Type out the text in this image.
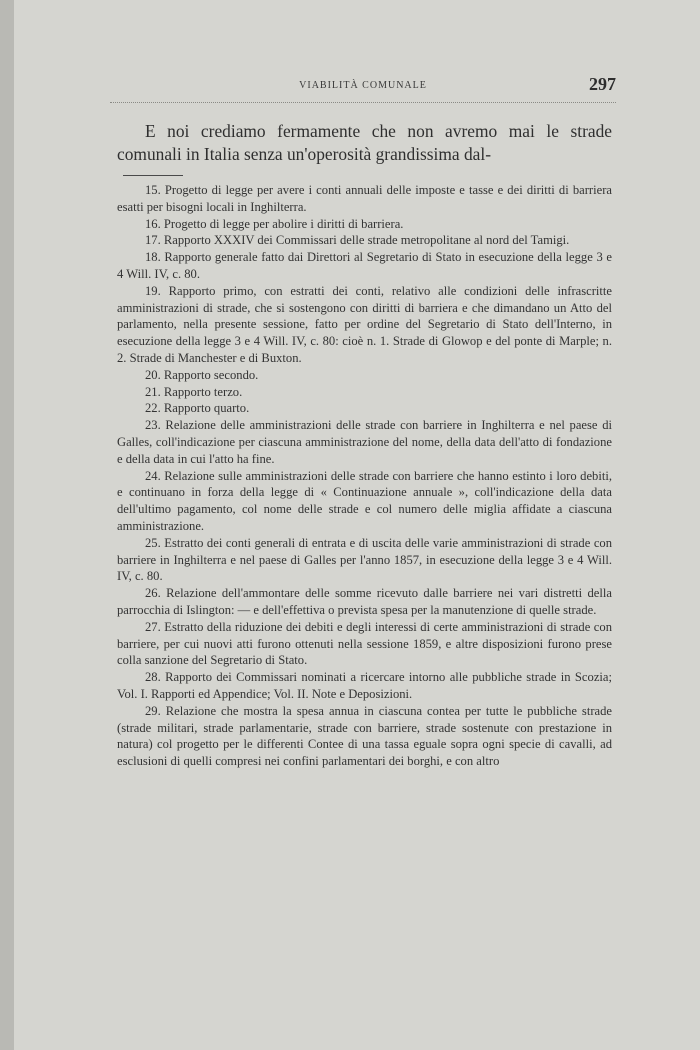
VIABILITÀ COMUNALE	297

E noi crediamo fermamente che non avremo mai le strade comunali in Italia senza un'operosità grandissima dal-

15. Progetto di legge per avere i conti annuali delle imposte e tasse e dei diritti di barriera esatti per bisogni locali in Inghilterra.

16. Progetto di legge per abolire i diritti di barriera.

17. Rapporto XXXIV dei Commissari delle strade metropolitane al nord del Tamigi.

18. Rapporto generale fatto dai Direttori al Segretario di Stato in esecuzione della legge 3 e 4 Will. IV, c. 80.

19. Rapporto primo, con estratti dei conti, relativo alle condizioni delle infrascritte amministrazioni di strade, che si sostengono con diritti di barriera e che dimandano un Atto del parlamento, nella presente sessione, fatto per ordine del Segretario di Stato dell'Interno, in esecuzione della legge 3 e 4 Will. IV, c. 80: cioè n. 1. Strade di Glowop e del ponte di Marple; n. 2. Strade di Manchester e di Buxton.

20. Rapporto secondo.

21. Rapporto terzo.

22. Rapporto quarto.

23. Relazione delle amministrazioni delle strade con barriere in Inghilterra e nel paese di Galles, coll'indicazione per ciascuna amministrazione del nome, della data dell'atto di fondazione e della data in cui l'atto ha fine.

24. Relazione sulle amministrazioni delle strade con barriere che hanno estinto i loro debiti, e continuano in forza della legge di « Continuazione annuale », coll'indicazione della data dell'ultimo pagamento, col nome delle strade e col numero delle miglia affidate a ciascuna amministrazione.

25. Estratto dei conti generali di entrata e di uscita delle varie amministrazioni di strade con barriere in Inghilterra e nel paese di Galles per l'anno 1857, in esecuzione della legge 3 e 4 Will. IV, c. 80.

26. Relazione dell'ammontare delle somme ricevuto dalle barriere nei vari distretti della parrocchia di Islington: — e dell'effettiva o prevista spesa per la manutenzione di quelle strade.

27. Estratto della riduzione dei debiti e degli interessi di certe amministrazioni di strade con barriere, per cui nuovi atti furono ottenuti nella sessione 1859, e altre disposizioni furono prese colla sanzione del Segretario di Stato.

28. Rapporto dei Commissari nominati a ricercare intorno alle pubbliche strade in Scozia; Vol. I. Rapporti ed Appendice; Vol. II. Note e Deposizioni.

29. Relazione che mostra la spesa annua in ciascuna contea per tutte le pubbliche strade (strade militari, strade parlamentarie, strade con barriere, strade sostenute con prestazione in natura) col progetto per le differenti Contee di una tassa eguale sopra ogni specie di cavalli, ad esclusioni di quelli compresi nei confini parlamentari dei borghi, e con altro
